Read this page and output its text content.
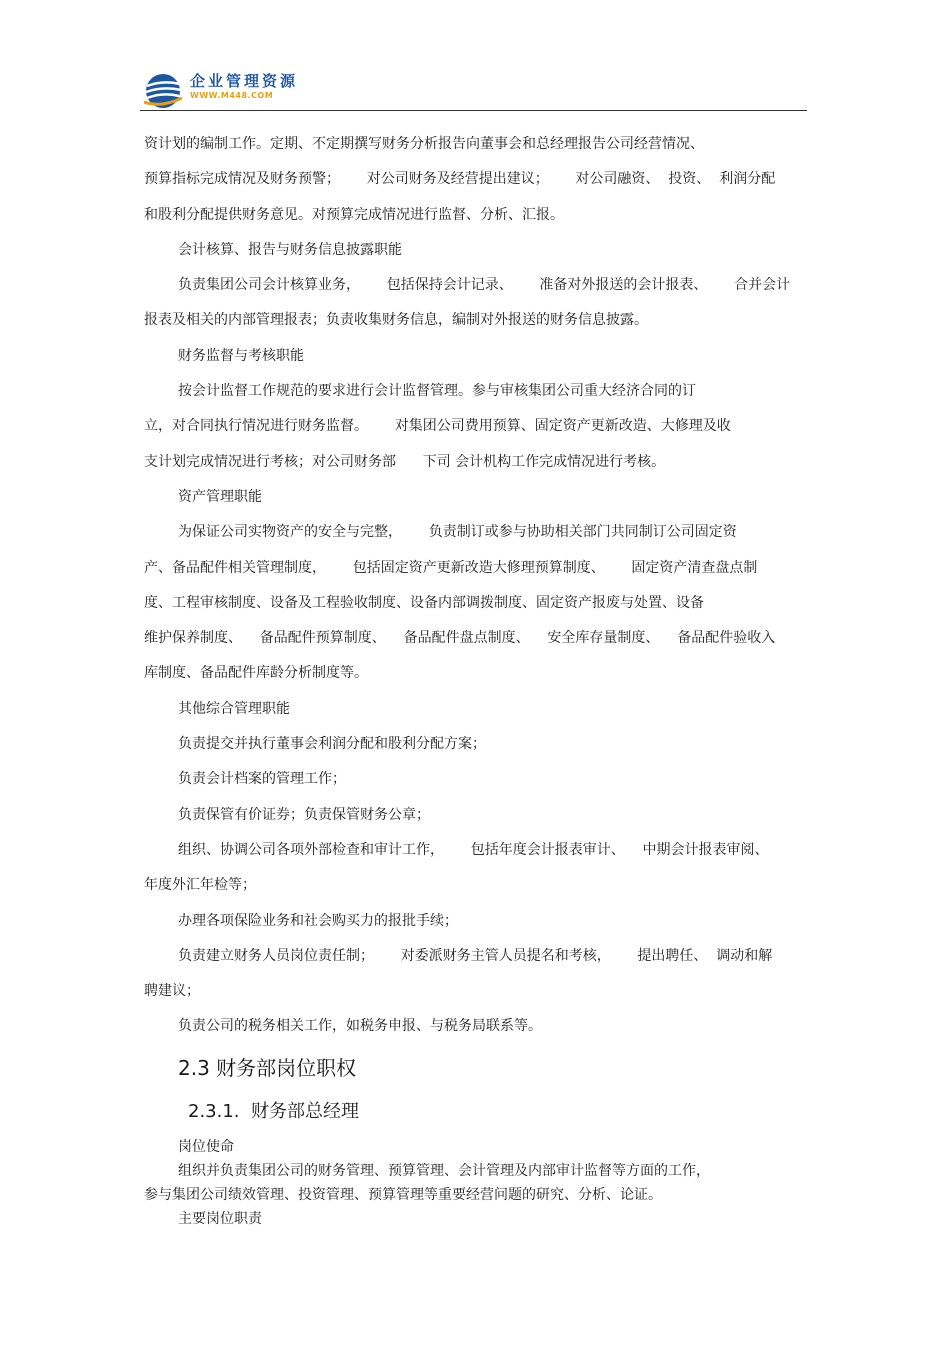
企业管理资源
WWW.M448.COM

资计划的编制工作。定期、不定期撰写财务分析报告向董事会和总经理报告公司经营情况、

预算指标完成情况及财务预警；      对公司财务及经营提出建议；      对公司融资、  投资、  利润分配

和股利分配提供财务意见。对预算完成情况进行监督、分析、汇报。

会计核算、报告与财务信息披露职能

负责集团公司会计核算业务，      包括保持会计记录、      准备对外报送的会计报表、      合并会计

报表及相关的内部管理报表；负责收集财务信息，编制对外报送的财务信息披露。

财务监督与考核职能

按会计监督工作规范的要求进行会计监督管理。参与审核集团公司重大经济合同的订

立，对合同执行情况进行财务监督。      对集团公司费用预算、固定资产更新改造、大修理及收

支计划完成情况进行考核；对公司财务部      下司 会计机构工作完成情况进行考核。

资产管理职能

为保证公司实物资产的安全与完整，      负责制订或参与协助相关部门共同制订公司固定资

产、备品配件相关管理制度，      包括固定资产更新改造大修理预算制度、      固定资产清查盘点制

度、工程审核制度、设备及工程验收制度、设备内部调拨制度、固定资产报废与处置、设备

维护保养制度、    备品配件预算制度、    备品配件盘点制度、    安全库存量制度、    备品配件验收入

库制度、备品配件库龄分析制度等。

其他综合管理职能

负责提交并执行董事会利润分配和股利分配方案；

负责会计档案的管理工作；

负责保管有价证券；负责保管财务公章；

组织、协调公司各项外部检查和审计工作，      包括年度会计报表审计、    中期会计报表审阅、

年度外汇年检等；

办理各项保险业务和社会购买力的报批手续；

负责建立财务人员岗位责任制；      对委派财务主管人员提名和考核，      提出聘任、  调动和解

聘建议；

负责公司的税务相关工作，如税务申报、与税务局联系等。

2.3 财务部岗位职权

2.3.1.  财务部总经理

岗位使命

组织并负责集团公司的财务管理、预算管理、会计管理及内部审计监督等方面的工作，

参与集团公司绩效管理、投资管理、预算管理等重要经营问题的研究、分析、论证。

主要岗位职责
